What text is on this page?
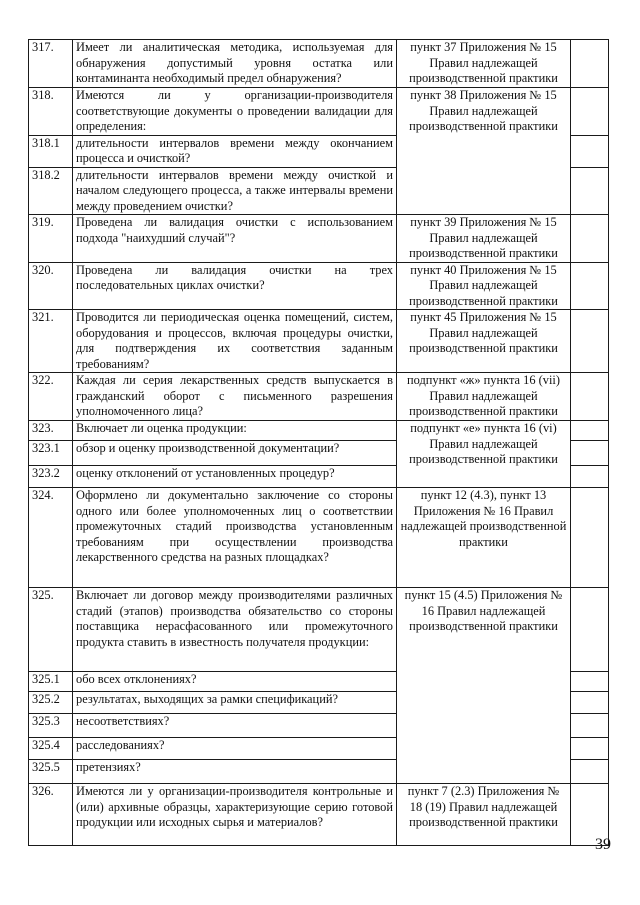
317.	Имеет ли аналитическая методика, используемая для обнаружения допустимый уровня остатка или контаминанта необходимый предел обнаружения?	пункт 37 Приложения № 15 Правил надлежащей производственной практики	
318.	Имеются ли у организации-производителя соответствующие документы о проведении валидации для определения:	пункт 38 Приложения № 15 Правил надлежащей производственной практики	
318.1	длительности интервалов времени между окончанием процесса и очисткой?		
318.2	длительности интервалов времени между очисткой и началом следующего процесса, а также интервалы времени между проведением очистки?		
319.	Проведена ли валидация очистки с использованием подхода "наихудший случай"?	пункт 39 Приложения № 15 Правил надлежащей производственной практики	
320.	Проведена ли валидация очистки на трех последовательных циклах очистки?	пункт 40 Приложения № 15 Правил надлежащей производственной практики	
321.	Проводится ли периодическая оценка помещений, систем, оборудования и процессов, включая процедуры очистки, для подтверждения их соответствия заданным требованиям?	пункт 45 Приложения № 15 Правил надлежащей производственной практики	
322.	Каждая ли серия лекарственных средств выпускается в гражданский оборот с письменного разрешения уполномоченного лица?	подпункт «ж» пункта 16 (vii) Правил надлежащей производственной практики	
323.	Включает ли оценка продукции:	подпункт «е» пункта 16 (vi) Правил надлежащей производственной практики	
323.1	обзор и оценку производственной документации?		
323.2	оценку отклонений от установленных процедур?		
324.	Оформлено ли документально заключение со стороны одного или более уполномоченных лиц о соответствии промежуточных стадий производства установленным требованиям при осуществлении производства лекарственного средства на разных площадках?	пункт 12 (4.3), пункт 13 Приложения № 16 Правил надлежащей производственной практики	
325.	Включает ли договор между производителями различных стадий (этапов) производства обязательство со стороны поставщика нерасфасованного или промежуточного продукта ставить в известность получателя продукции:	пункт 15 (4.5) Приложения № 16 Правил надлежащей производственной практики	
325.1	обо всех отклонениях?		
325.2	результатах, выходящих за рамки спецификаций?		
325.3	несоответствиях?		
325.4	расследованиях?		
325.5	претензиях?		
326.	Имеются ли у организации-производителя контрольные и (или) архивные образцы, характеризующие серию готовой продукции или исходных сырья и материалов?	пункт 7 (2.3) Приложения № 18 (19) Правил надлежащей производственной практики	
39
